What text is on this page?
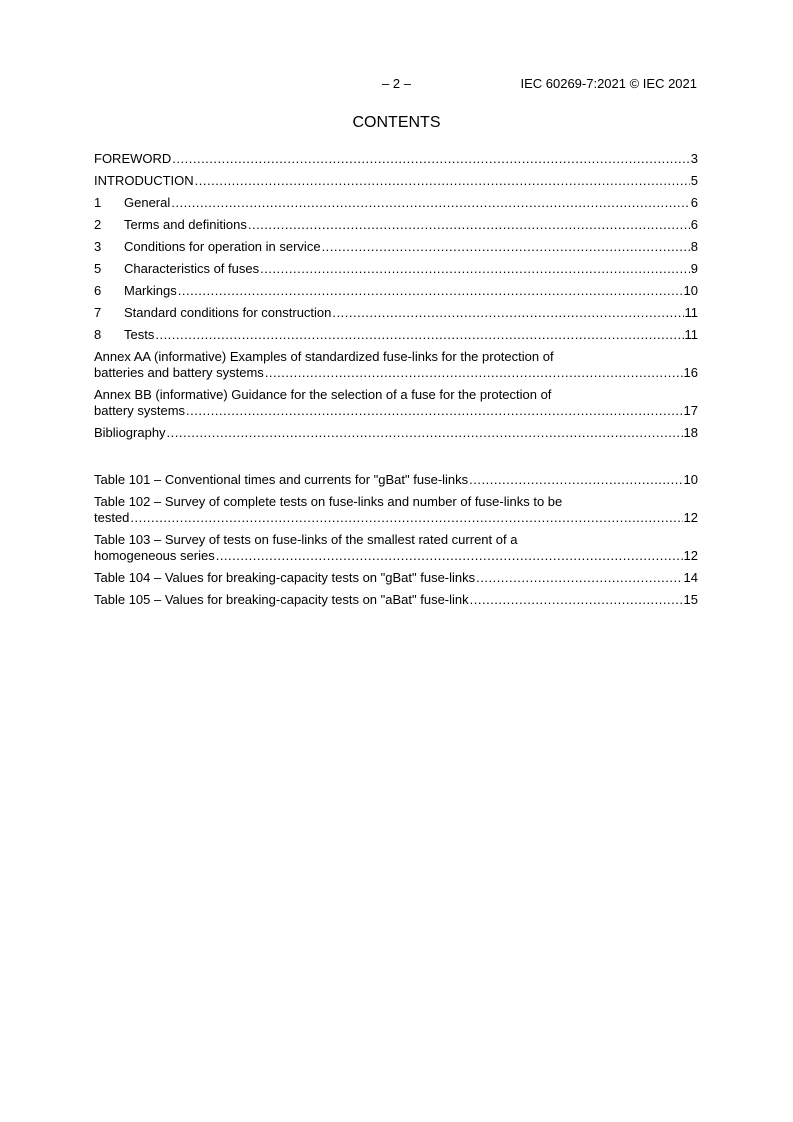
– 2 –	IEC 60269-7:2021 © IEC 2021
CONTENTS
FOREWORD .....	3
INTRODUCTION .....	5
1	General .....	6
2	Terms and definitions .....	6
3	Conditions for operation in service .....	8
5	Characteristics of fuses .....	9
6	Markings .....	10
7	Standard conditions for construction .....	11
8	Tests .....	11
Annex AA (informative) Examples of standardized fuse-links for the protection of
batteries and battery systems .....	16
Annex BB (informative) Guidance for the selection of a fuse for the protection of
battery systems .....	17
Bibliography .....	18
Table 101 – Conventional times and currents for "gBat" fuse-links .....	10
Table 102 – Survey of complete tests on fuse-links and number of fuse-links to be
tested .....	12
Table 103 – Survey of tests on fuse-links of the smallest rated current of a
homogeneous series .....	12
Table 104 – Values for breaking-capacity tests on "gBat" fuse-links .....	14
Table 105 – Values for breaking-capacity tests on "aBat" fuse-link .....	15
